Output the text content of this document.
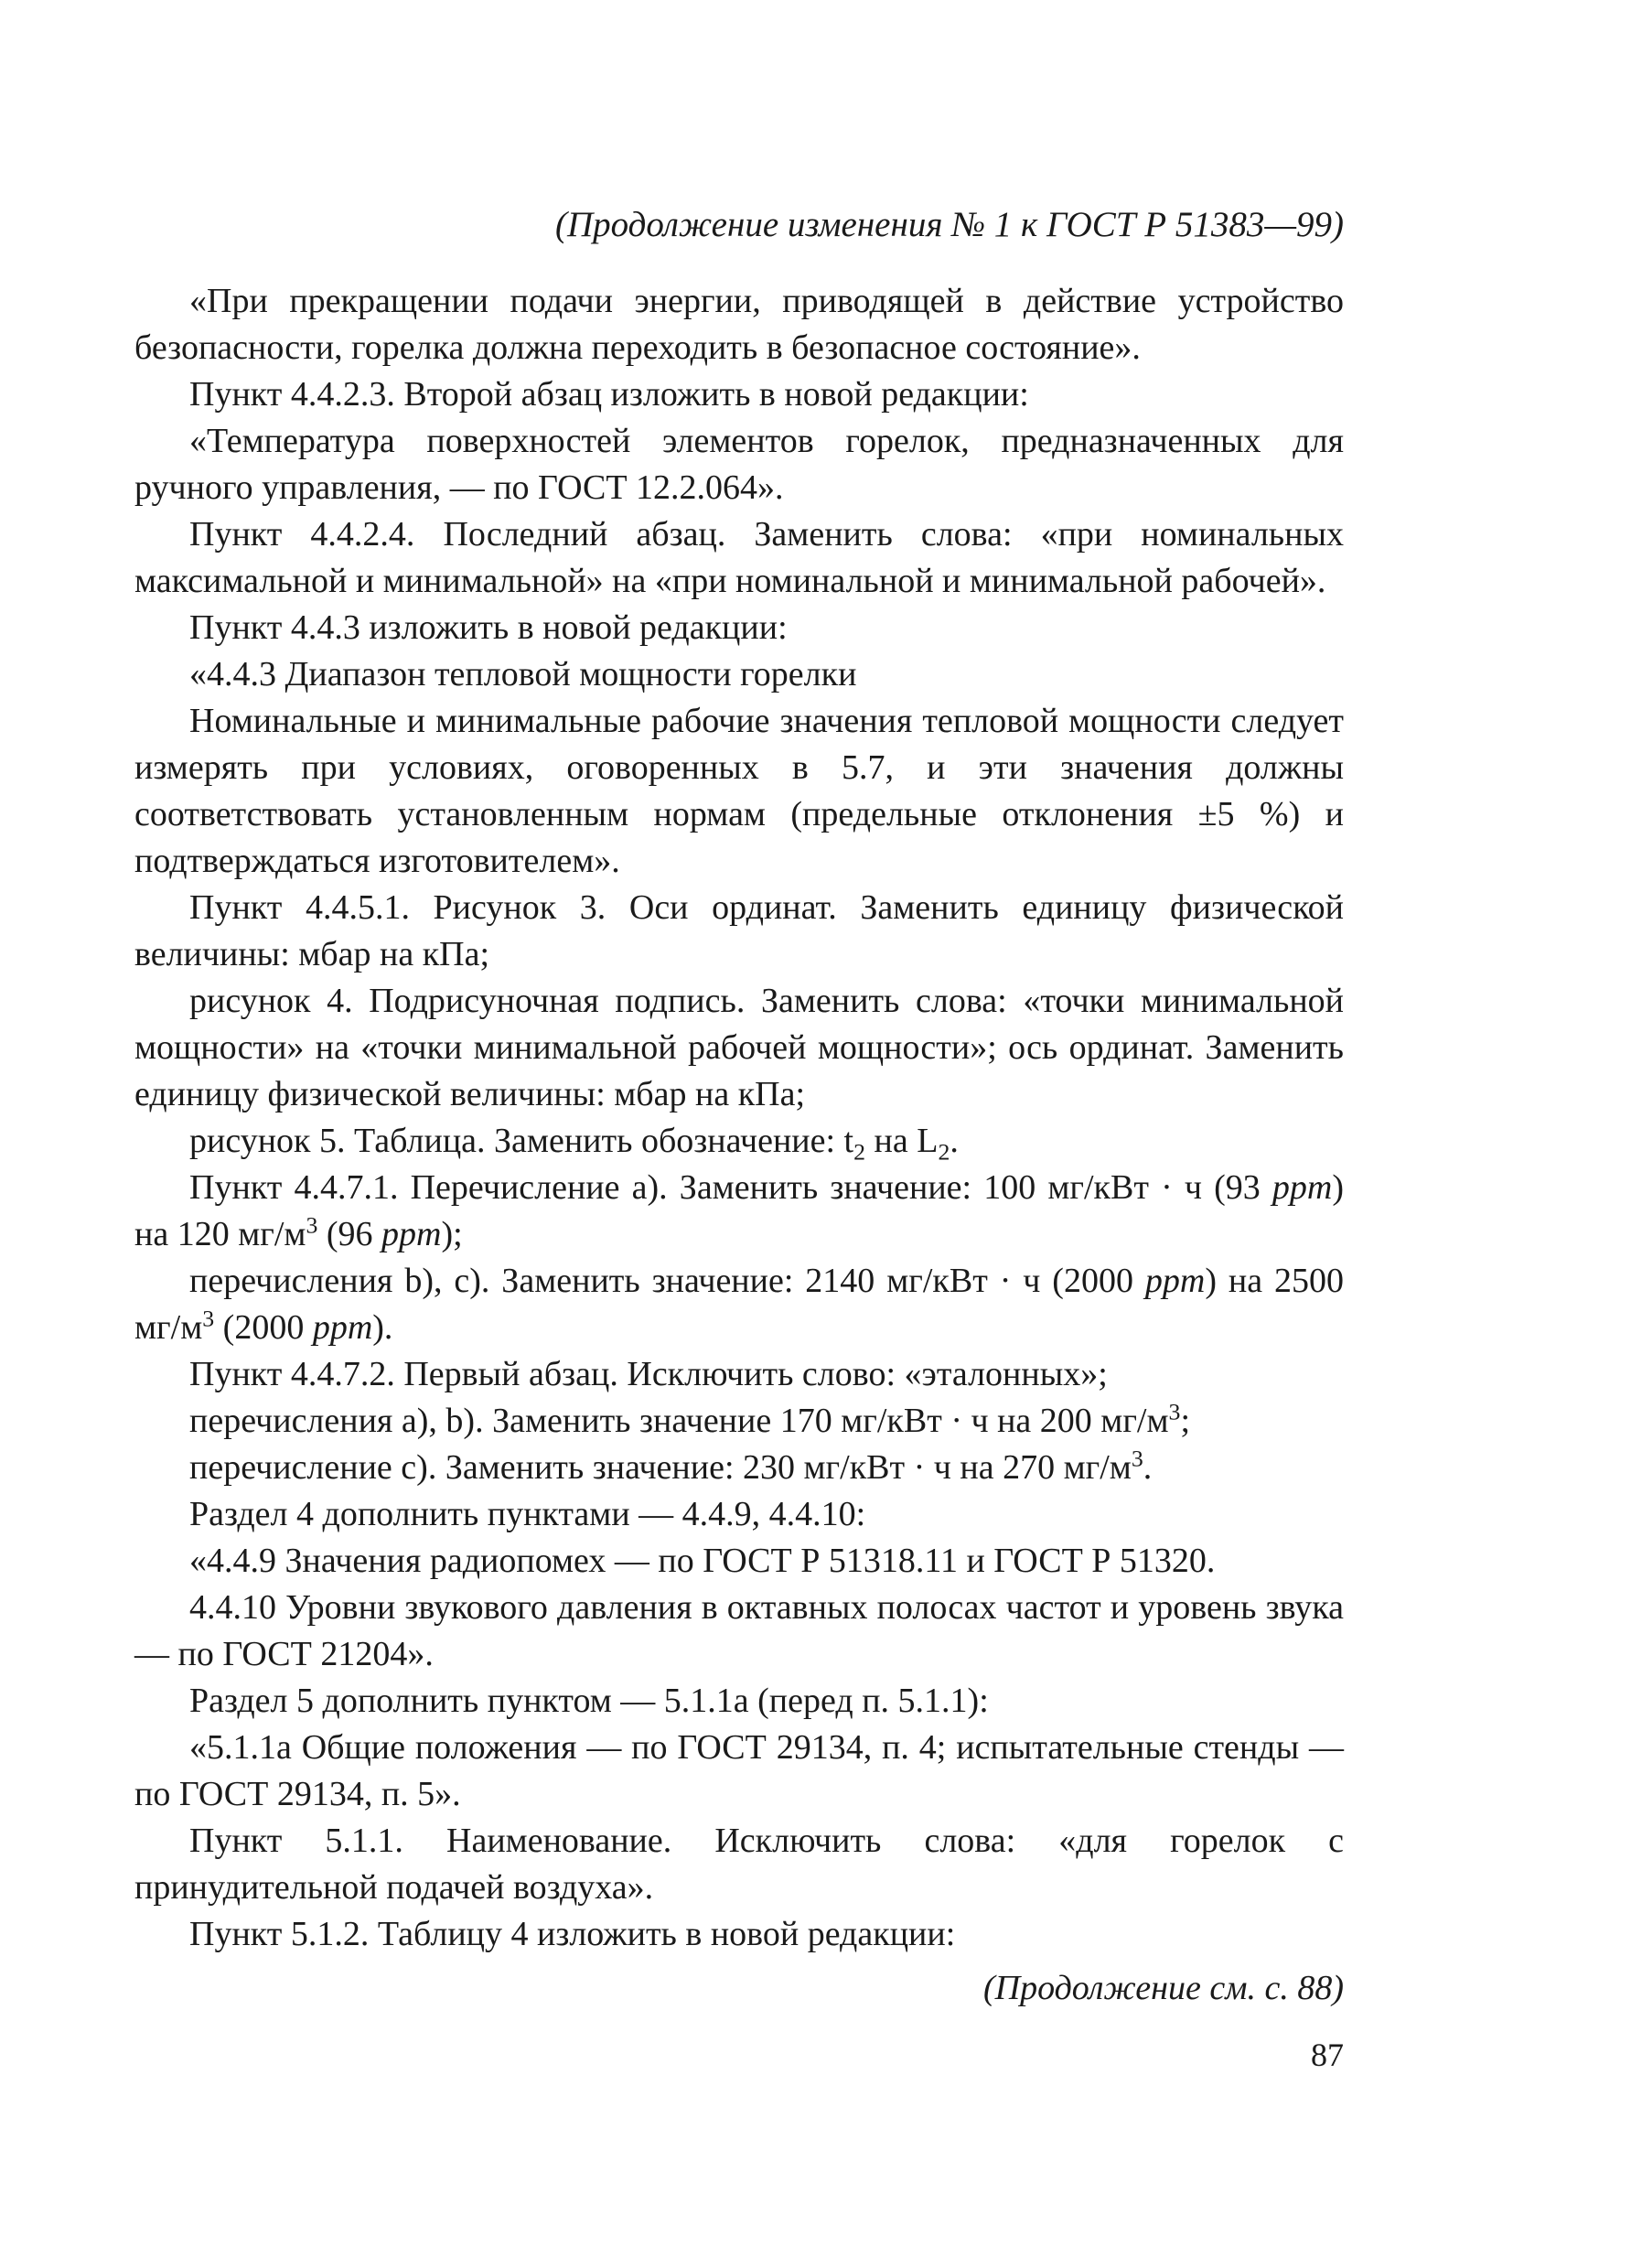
(Продолжение изменения № 1 к ГОСТ Р 51383—99)

«При прекращении подачи энергии, приводящей в действие устройство безопасности, горелка должна переходить в безопасное состояние».

Пункт 4.4.2.3. Второй абзац изложить в новой редакции:

«Температура поверхностей элементов горелок, предназначенных для ручного управления, — по ГОСТ 12.2.064».

Пункт 4.4.2.4. Последний абзац. Заменить слова: «при номинальных максимальной и минимальной» на «при номинальной и минимальной рабочей».

Пункт 4.4.3 изложить в новой редакции:

«4.4.3 Диапазон тепловой мощности горелки

Номинальные и минимальные рабочие значения тепловой мощности следует измерять при условиях, оговоренных в 5.7, и эти значения должны соответствовать установленным нормам (предельные отклонения ±5 %) и подтверждаться изготовителем».

Пункт 4.4.5.1. Рисунок 3. Оси ординат. Заменить единицу физической величины: мбар на кПа;

рисунок 4. Подрисуночная подпись. Заменить слова: «точки минимальной мощности» на «точки минимальной рабочей мощности»; ось ординат. Заменить единицу физической величины: мбар на кПа;

рисунок 5. Таблица. Заменить обозначение: $t_2$ на $L_2$.

Пункт 4.4.7.1. Перечисление а). Заменить значение: 100 мг/кВт · ч (93 ppm) на 120 $мг/м^3$ (96 ppm);

перечисления b), c). Заменить значение: 2140 мг/кВт · ч (2000 ppm) на 2500 $мг/м^3$ (2000 ppm).

Пункт 4.4.7.2. Первый абзац. Исключить слово: «эталонных»;

перечисления а), b). Заменить значение 170 мг/кВт · ч на 200 $мг/м^3$;

перечисление с). Заменить значение: 230 мг/кВт · ч на 270 $мг/м^3$.

Раздел 4 дополнить пунктами — 4.4.9, 4.4.10:

«4.4.9 Значения радиопомех — по ГОСТ Р 51318.11 и ГОСТ Р 51320.

4.4.10 Уровни звукового давления в октавных полосах частот и уровень звука — по ГОСТ 21204».

Раздел 5 дополнить пунктом — 5.1.1а (перед п. 5.1.1):

«5.1.1а Общие положения — по ГОСТ 29134, п. 4; испытательные стенды — по ГОСТ 29134, п. 5».

Пункт 5.1.1. Наименование. Исключить слова: «для горелок с принудительной подачей воздуха».

Пункт 5.1.2. Таблицу 4 изложить в новой редакции:

(Продолжение см. с. 88)
87
